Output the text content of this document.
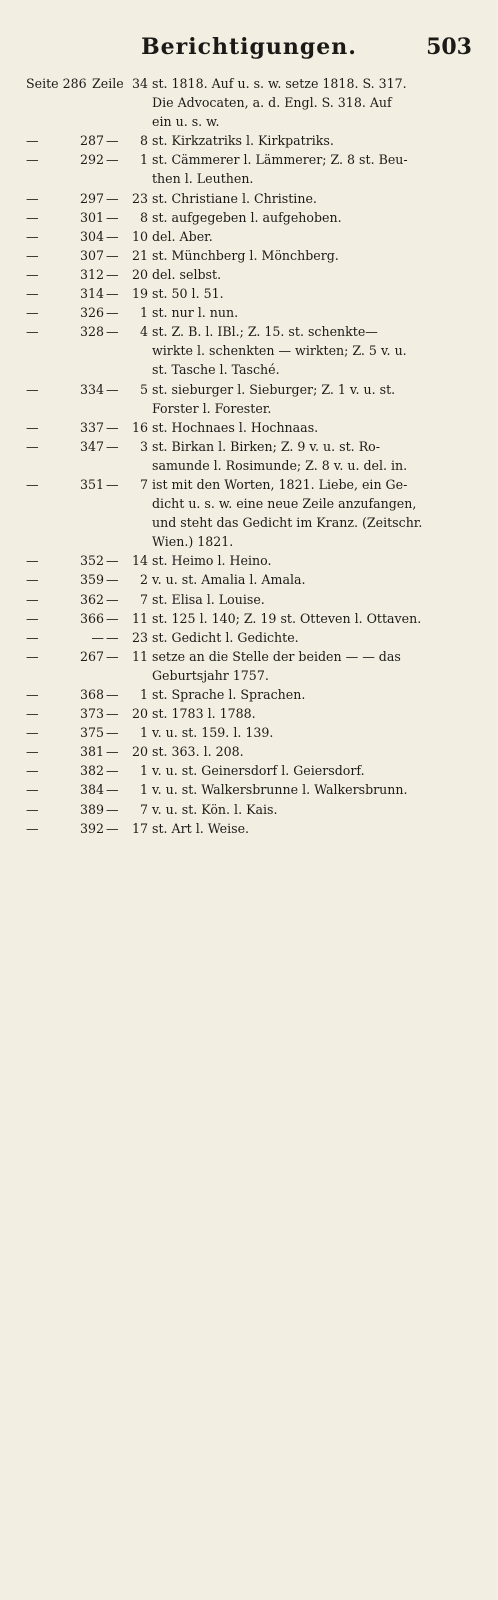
Berichtigungen.	503
Seite 286 Zeile 34 st. 1818. Auf u. s. w. setze 1818. S. 317.
Die Advocaten, a. d. Engl. S. 318. Auf
ein u. s. w.
—	287 —	8 st. Kirkzatriks l. Kirkpatriks.
—	292 —	1 st. Cämmerer l. Lämmerer; Z. 8 st. Beu-
then l. Leuthen.
—	297 —	23 st. Christiane l. Christine.
—	301 —	8 st. aufgegeben l. aufgehoben.
—	304 —	10 del. Aber.
—	307 —	21 st. Münchberg l. Mönchberg.
—	312 —	20 del. selbst.
—	314 —	19 st. 50 l. 51.
—	326 —	1 st. nur l. nun.
—	328 —	4 st. Z. B. l. IBl.; Z. 15. st. schenkte—
wirkte l. schenkten — wirkten; Z. 5 v. u.
st. Tasche l. Tasché.
—	334 —	5 st. sieburger l. Sieburger; Z. 1 v. u. st.
Forster l. Forester.
—	337 —	16 st. Hochnaes l. Hochnaas.
—	347 —	3 st. Birkan l. Birken; Z. 9 v. u. st. Ro-
samunde l. Rosimunde; Z. 8 v. u. del. in.
—	351 —	7 ist mit den Worten, 1821. Liebe, ein Ge-
dicht u. s. w. eine neue Zeile anzufangen,
und steht das Gedicht im Kranz. (Zeitschr.
Wien.) 1821.
—	352 —	14 st. Heimo l. Heino.
—	359 —	2 v. u. st. Amalia l. Amala.
—	362 —	7 st. Elisa l. Louise.
—	366 —	11 st. 125 l. 140; Z. 19 st. Otteven l. Ottaven.
—	— —	23 st. Gedicht l. Gedichte.
—	267 —	11 setze an die Stelle der beiden — — das
Geburtsjahr 1757.
—	368 —	1 st. Sprache l. Sprachen.
—	373 —	20 st. 1783 l. 1788.
—	375 —	1 v. u. st. 159. l. 139.
—	381 —	20 st. 363. l. 208.
—	382 —	1 v. u. st. Geinersdorf l. Geiersdorf.
—	384 —	1 v. u. st. Walkersbrunne l. Walkersbrunn.
—	389 —	7 v. u. st. Kön. l. Kais.
—	392 —	17 st. Art l. Weise.
